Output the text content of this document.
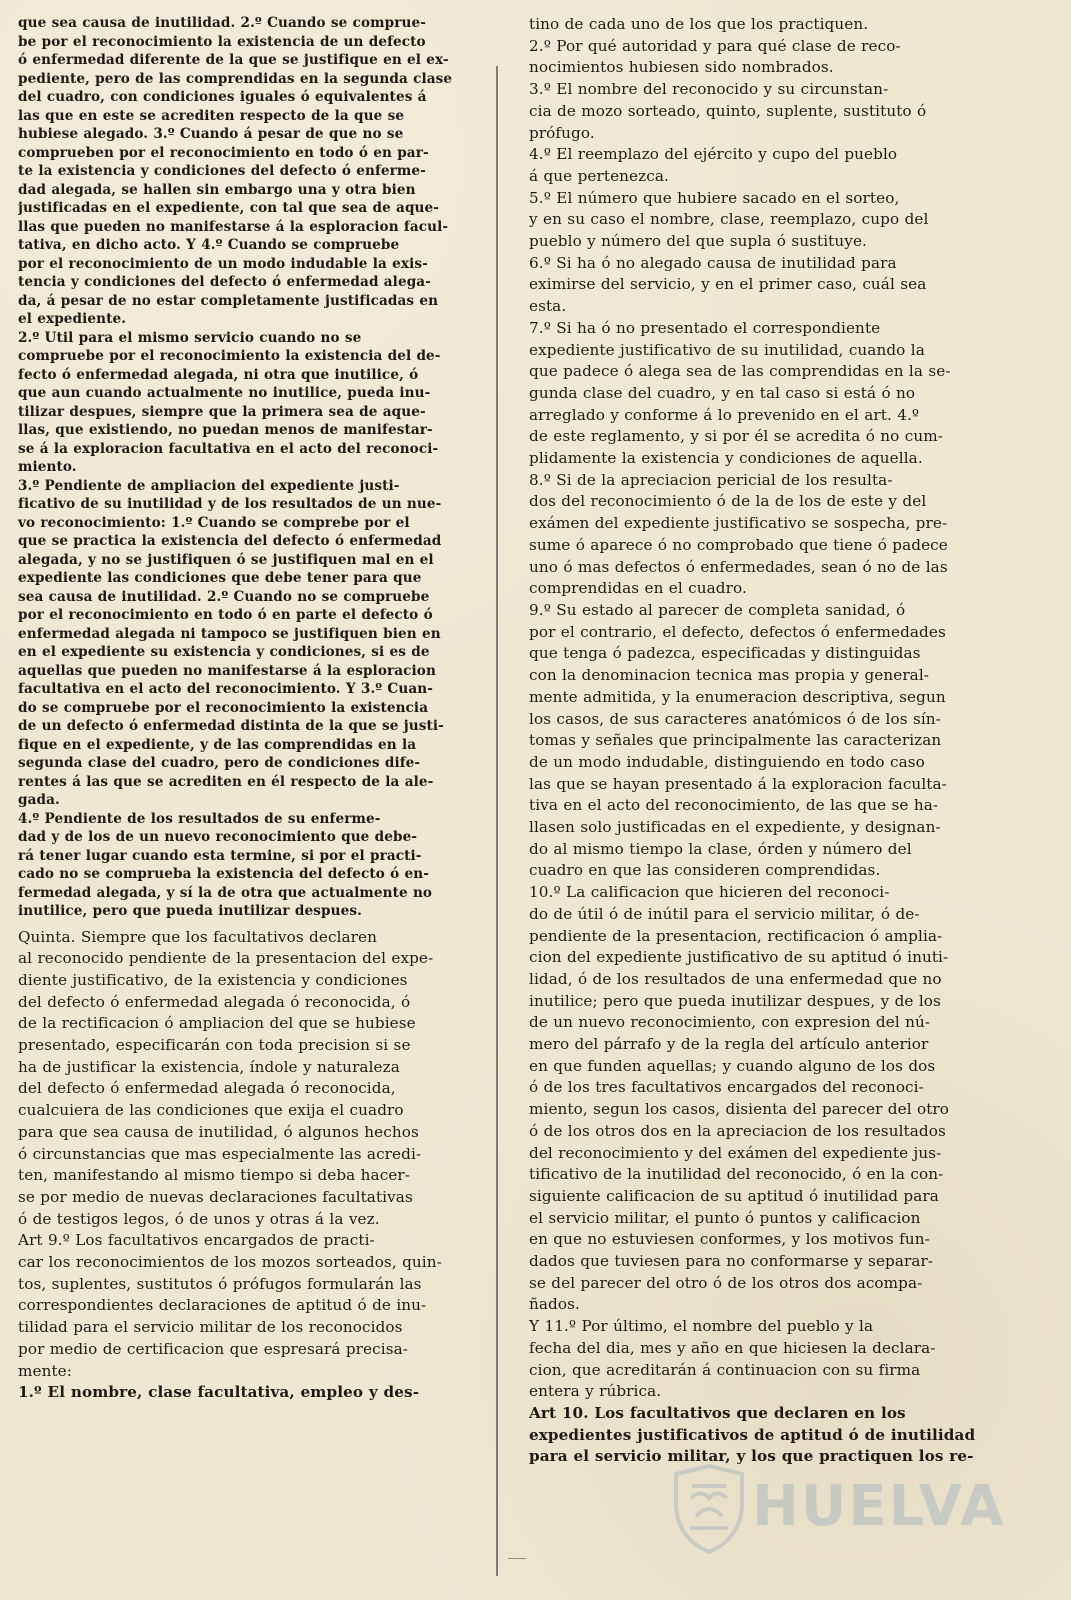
que sea causa de inutilidad. 2.º Cuando se comprue-
be por el reconocimiento la existencia de un defecto
ó enfermedad diferente de la que se justifique en el ex-
pediente, pero de las comprendidas en la segunda clase
del cuadro, con condiciones iguales ó equivalentes á
las que en este se acrediten respecto de la que se
hubiese alegado. 3.º Cuando á pesar de que no se
comprueben por el reconocimiento en todo ó en par-
te la existencia y condiciones del defecto ó enferme-
dad alegada, se hallen sin embargo una y otra bien
justificadas en el expediente, con tal que sea de aque-
llas que pueden no manifestarse á la esploracion facul-
tativa, en dicho acto. Y 4.º Cuando se compruebe
por el reconocimiento de un modo indudable la exis-
tencia y condiciones del defecto ó enfermedad alega-
da, á pesar de no estar completamente justificadas en
el expediente.

2.º Util para el mismo servicio cuando no se
compruebe por el reconocimiento la existencia del de-
fecto ó enfermedad alegada, ni otra que inutilice, ó
que aun cuando actualmente no inutilice, pueda inu-
tilizar despues, siempre que la primera sea de aque-
llas, que existiendo, no puedan menos de manifestar-
se á la exploracion facultativa en el acto del reconoci-
miento.

3.º Pendiente de ampliacion del expediente justi-
ficativo de su inutilidad y de los resultados de un nue-
vo reconocimiento: 1.º Cuando se comprebe por el
que se practica la existencia del defecto ó enfermedad
alegada, y no se justifiquen ó se justifiquen mal en el
expediente las condiciones que debe tener para que
sea causa de inutilidad. 2.º Cuando no se compruebe
por el reconocimiento en todo ó en parte el defecto ó
enfermedad alegada ni tampoco se justifiquen bien en
en el expediente su existencia y condiciones, si es de
aquellas que pueden no manifestarse á la esploracion
facultativa en el acto del reconocimiento. Y 3.º Cuan-
do se compruebe por el reconocimiento la existencia
de un defecto ó enfermedad distinta de la que se justi-
fique en el expediente, y de las comprendidas en la
segunda clase del cuadro, pero de condiciones dife-
rentes á las que se acrediten en él respecto de la ale-
gada.

4.º Pendiente de los resultados de su enferme-
dad y de los de un nuevo reconocimiento que debe-
rá tener lugar cuando esta termine, si por el practi-
cado no se comprueba la existencia del defecto ó en-
fermedad alegada, y sí la de otra que actualmente no
inutilice, pero que pueda inutilizar despues.

Quinta. Siempre que los facultativos declaren
al reconocido pendiente de la presentacion del expe-
diente justificativo, de la existencia y condiciones
del defecto ó enfermedad alegada ó reconocida, ó
de la rectificacion ó ampliacion del que se hubiese
presentado, especificarán con toda precision si se
ha de justificar la existencia, índole y naturaleza
del defecto ó enfermedad alegada ó reconocida,
cualcuiera de las condiciones que exija el cuadro
para que sea causa de inutilidad, ó algunos hechos
ó circunstancias que mas especialmente las acredi-
ten, manifestando al mismo tiempo si deba hacer-
se por medio de nuevas declaraciones facultativas
ó de testigos legos, ó de unos y otras á la vez.

Art 9.º Los facultativos encargados de practi-
car los reconocimientos de los mozos sorteados, quin-
tos, suplentes, sustitutos ó prófugos formularán las
correspondientes declaraciones de aptitud ó de inu-
tilidad para el servicio militar de los reconocidos
por medio de certificacion que espresará precisa-
mente:

1.º El nombre, clase facultativa, empleo y des-

tino de cada uno de los que los practiquen.

2.º Por qué autoridad y para qué clase de reco-
nocimientos hubiesen sido nombrados.

3.º El nombre del reconocido y su circunstan-
cia de mozo sorteado, quinto, suplente, sustituto ó
prófugo.

4.º El reemplazo del ejército y cupo del pueblo
á que pertenezca.

5.º El número que hubiere sacado en el sorteo,
y en su caso el nombre, clase, reemplazo, cupo del
pueblo y número del que supla ó sustituye.

6.º Si ha ó no alegado causa de inutilidad para
eximirse del servicio, y en el primer caso, cuál sea
esta.

7.º Si ha ó no presentado el correspondiente
expediente justificativo de su inutilidad, cuando la
que padece ó alega sea de las comprendidas en la se-
gunda clase del cuadro, y en tal caso si está ó no
arreglado y conforme á lo prevenido en el art. 4.º
de este reglamento, y si por él se acredita ó no cum-
plidamente la existencia y condiciones de aquella.

8.º Si de la apreciacion pericial de los resulta-
dos del reconocimiento ó de la de los de este y del
exámen del expediente justificativo se sospecha, pre-
sume ó aparece ó no comprobado que tiene ó padece
uno ó mas defectos ó enfermedades, sean ó no de las
comprendidas en el cuadro.

9.º Su estado al parecer de completa sanidad, ó
por el contrario, el defecto, defectos ó enfermedades
que tenga ó padezca, especificadas y distinguidas
con la denominacion tecnica mas propia y general-
mente admitida, y la enumeracion descriptiva, segun
los casos, de sus caracteres anatómicos ó de los sín-
tomas y señales que principalmente las caracterizan
de un modo indudable, distinguiendo en todo caso
las que se hayan presentado á la exploracion faculta-
tiva en el acto del reconocimiento, de las que se ha-
llasen solo justificadas en el expediente, y designan-
do al mismo tiempo la clase, órden y número del
cuadro en que las consideren comprendidas.

10.º La calificacion que hicieren del reconoci-
do de útil ó de inútil para el servicio militar, ó de-
pendiente de la presentacion, rectificacion ó amplia-
cion del expediente justificativo de su aptitud ó inuti-
lidad, ó de los resultados de una enfermedad que no
inutilice; pero que pueda inutilizar despues, y de los
de un nuevo reconocimiento, con expresion del nú-
mero del párrafo y de la regla del artículo anterior
en que funden aquellas; y cuando alguno de los dos
ó de los tres facultativos encargados del reconoci-
miento, segun los casos, disienta del parecer del otro
ó de los otros dos en la apreciacion de los resultados
del reconocimiento y del exámen del expediente jus-
tificativo de la inutilidad del reconocido, ó en la con-
siguiente calificacion de su aptitud ó inutilidad para
el servicio militar, el punto ó puntos y calificacion
en que no estuviesen conformes, y los motivos fun-
dados que tuviesen para no conformarse y separar-
se del parecer del otro ó de los otros dos acompa-
ñados.

Y 11.º Por último, el nombre del pueblo y la
fecha del dia, mes y año en que hiciesen la declara-
cion, que acreditarán á continuacion con su firma
entera y rúbrica.

Art 10. Los facultativos que declaren en los
expedientes justificativos de aptitud ó de inutilidad
para el servicio militar, y los que practiquen los re-

HUELVA
